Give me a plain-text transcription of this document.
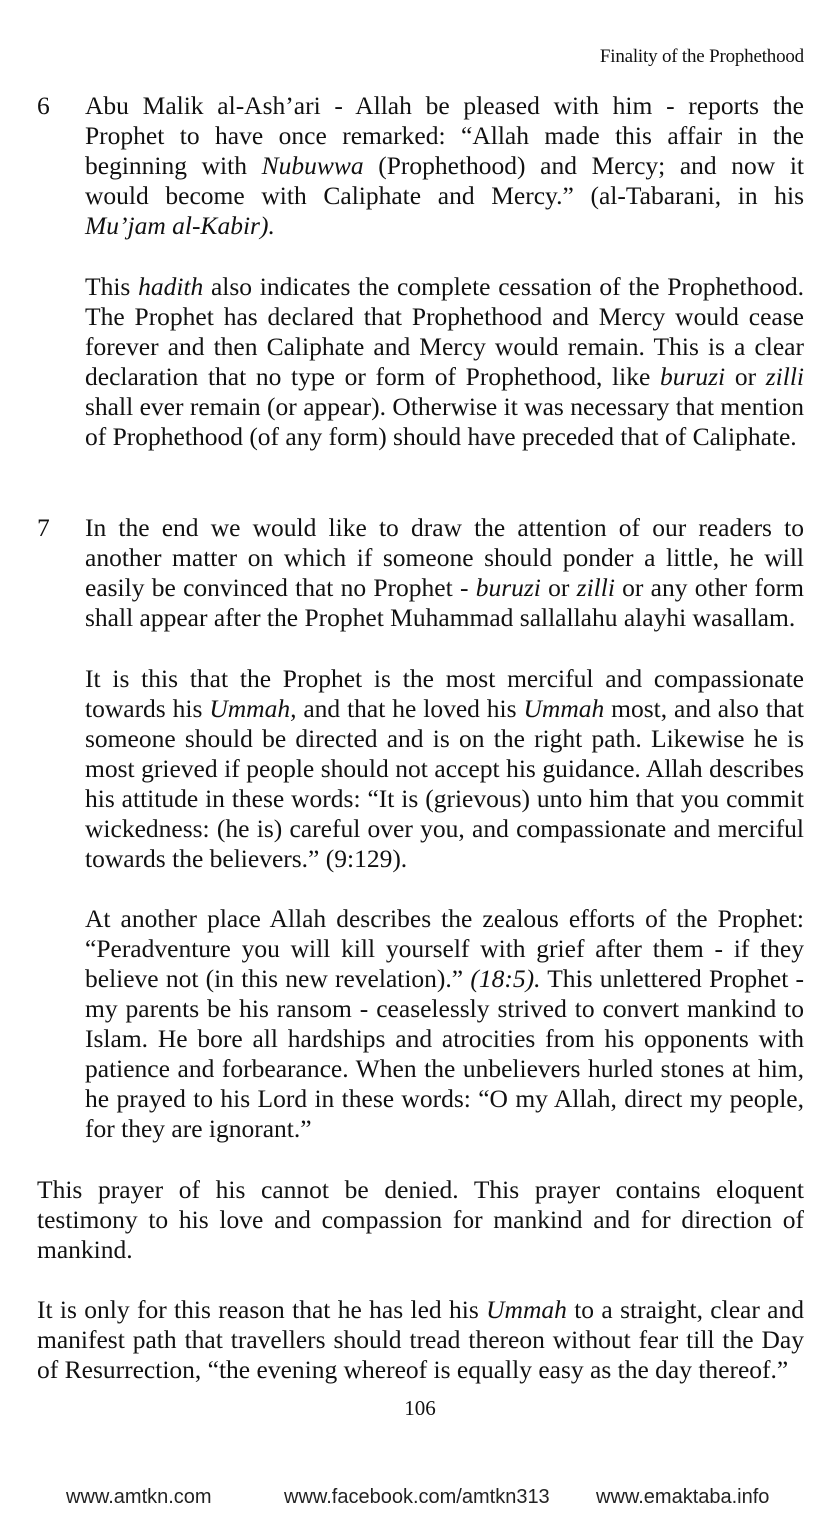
Finality of the Prophethood
6 Abu Malik al-Ash’ari - Allah be pleased with him - reports the Prophet to have once remarked: “Allah made this affair in the beginning with Nubuwwa (Prophethood) and Mercy; and now it would become with Caliphate and Mercy.” (al-Tabarani, in his Mu’jam al-Kabir).

This hadith also indicates the complete cessation of the Prophethood. The Prophet has declared that Prophethood and Mercy would cease forever and then Caliphate and Mercy would remain. This is a clear declaration that no type or form of Prophethood, like buruzi or zilli shall ever remain (or appear). Otherwise it was necessary that mention of Prophethood (of any form) should have preceded that of Caliphate.

7 In the end we would like to draw the attention of our readers to another matter on which if someone should ponder a little, he will easily be convinced that no Prophet - buruzi or zilli or any other form shall appear after the Prophet Muhammad sallallahu alayhi wasallam.

It is this that the Prophet is the most merciful and compassionate towards his Ummah, and that he loved his Ummah most, and also that someone should be directed and is on the right path. Likewise he is most grieved if people should not accept his guidance. Allah describes his attitude in these words: “It is (grievous) unto him that you commit wickedness: (he is) careful over you, and compassionate and merciful towards the believers.” (9:129).

At another place Allah describes the zealous efforts of the Prophet: “Peradventure you will kill yourself with grief after them - if they believe not (in this new revelation).” (18:5). This unlettered Prophet - my parents be his ransom - ceaselessly strived to convert mankind to Islam. He bore all hardships and atrocities from his opponents with patience and forbearance. When the unbelievers hurled stones at him, he prayed to his Lord in these words: “O my Allah, direct my people, for they are ignorant.”

This prayer of his cannot be denied. This prayer contains eloquent testimony to his love and compassion for mankind and for direction of mankind.

It is only for this reason that he has led his Ummah to a straight, clear and manifest path that travellers should tread thereon without fear till the Day of Resurrection, “the evening whereof is equally easy as the day thereof.”

106
www.amtkn.com	www.facebook.com/amtkn313 www.emaktaba.info
